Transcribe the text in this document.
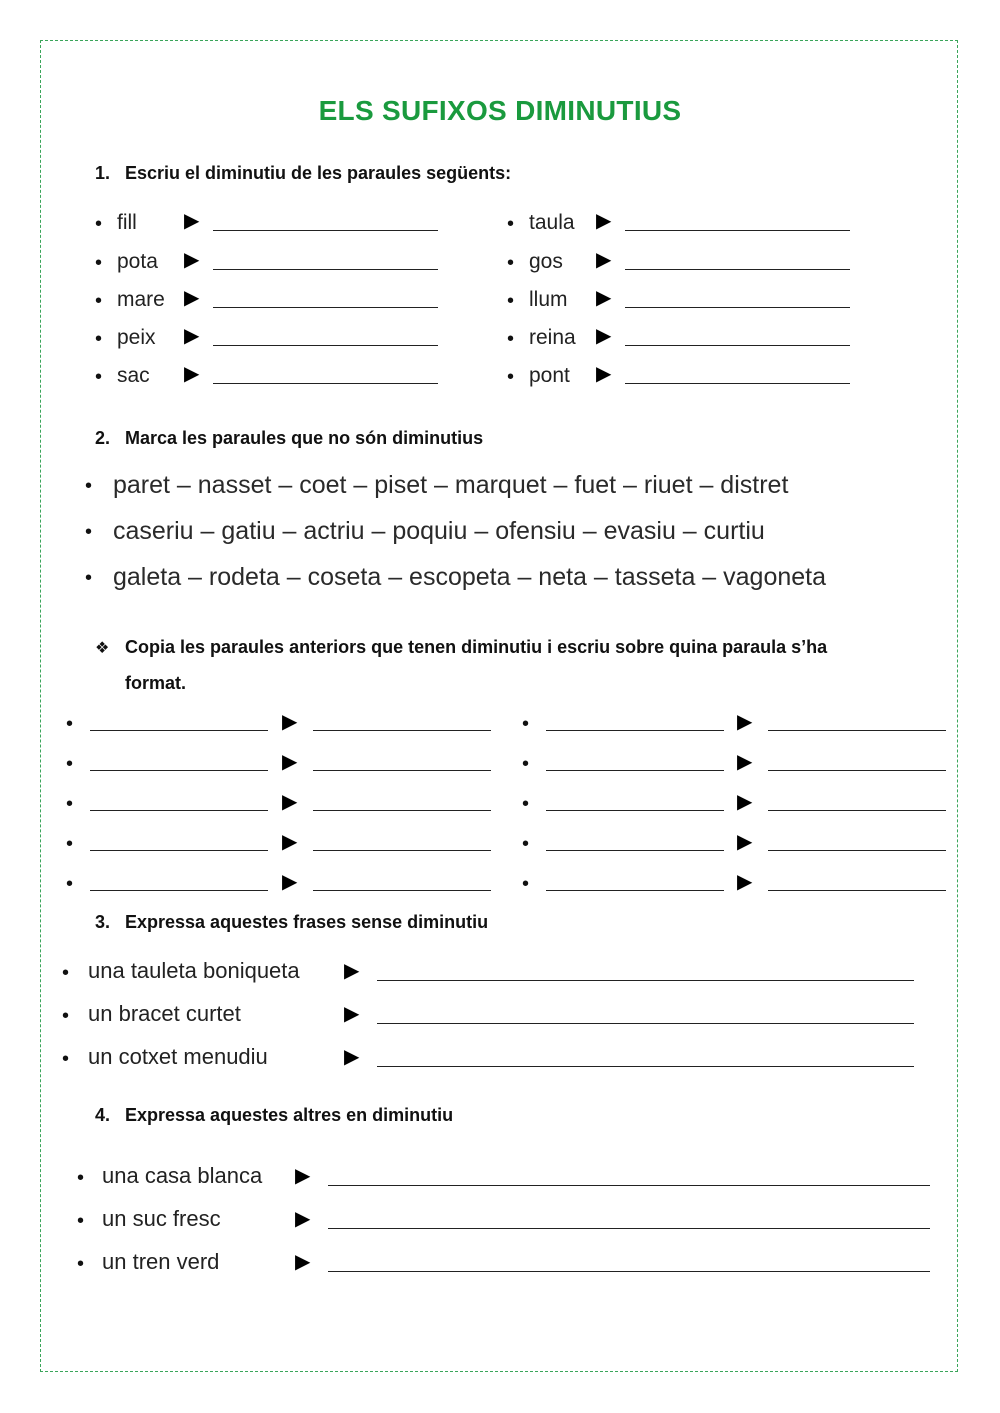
ELS SUFIXOS DIMINUTIUS
1. Escriu el diminutiu de les paraules següents:
• fill ▶
• pota ▶
• mare ▶
• peix ▶
• sac ▶
• taula ▶
• gos ▶
• llum ▶
• reina ▶
• pont ▶
2. Marca les paraules que no són diminutius
• paret – nasset – coet – piset – marquet – fuet – riuet – distret
• caseriu – gatiu – actriu – poquiu – ofensiu – evasiu – curtiu
• galeta – rodeta – coseta – escopeta – neta – tasseta – vagoneta
❖ Copia les paraules anteriors que tenen diminutiu i escriu sobre quina paraula s’ha
format.
•	▶	•	▶
•	▶	•	▶
•	▶	•	▶
•	▶	•	▶
•	▶	•	▶
3. Expressa aquestes frases sense diminutiu
• una tauleta boniqueta ▶
• un bracet curtet	▶
• un cotxet menudiu	▶
4. Expressa aquestes altres en diminutiu
• una casa blanca ▶
• un suc fresc	▶
• un tren verd	▶
